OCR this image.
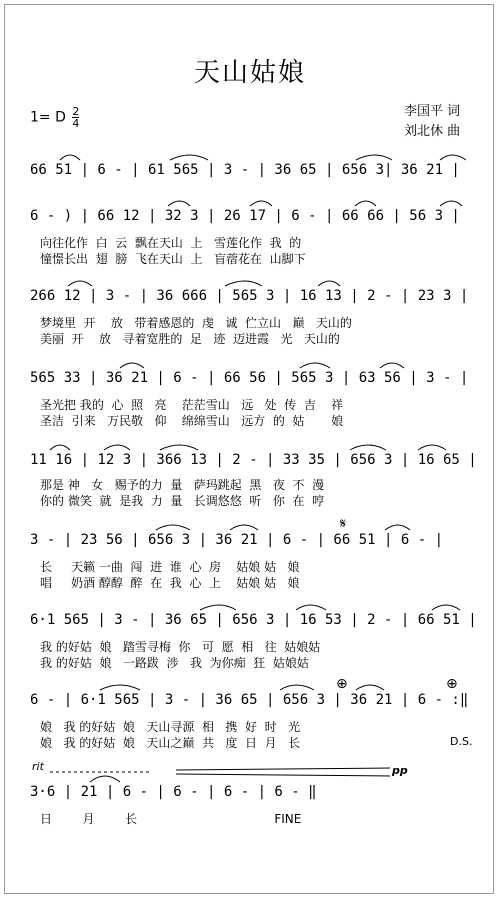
天山姑娘
1= D $\frac{2}{4}$	李国平 词
刘北休 曲
66 51 | 6 - | 61 565 | 3 - | 36 65 | 656 3| 36 21 |
6 - ) | 66 12 | 32 3 | 26 17 | 6 - | 66 66 | 56 3 |
向往化作  白  云  飘在天山  上   雪莲化作  我  的
憧憬长出  翅  膀  飞在天山  上   盲蓿花在  山脚下
266 12 | 3 - | 36 666 | 565 3 | 16 13 | 2 - | 23 3 |
梦境里  开    放   带着感恩的  虔   诚  伫立山   巅   天山的
美丽  开    放   寻着宽胜的  足   迹  迈进霞   光   天山的
565 33 | 36 21 | 6 - | 66 56 | 565 3 | 63 56 | 3 - |
圣光把 我的  心  照   亮    茫茫雪山   远   处  传  吉    祥
圣洁  引来   万民敬   仰    绵绵雪山   远方  的  姑       娘
11 16 | 12 3 | 366 13 | 2 - | 33 35 | 656 3 | 16 65 |
那是 神   女   赐予的力  量   萨玛跳起  黑   夜  不  漫
你的 微笑  就  是我  力  量   长调悠悠  听   你  在  哼
𝄋
3 - | 23 56 | 656 3 | 36 21 | 6 - | 66 51 | 6 - |
长     天籁 一曲  闯  进  谁  心  房    姑娘 姑   娘
唱     奶酒 醇醇  醉  在  我  心  上    姑娘 姑   娘
6·1 565 | 3 - | 36 65 | 656 3 | 16 53 | 2 - | 66 51 |
我 的好姑  娘   踏雪寻梅  你   可  愿  相   往  姑娘姑
我 的好姑  娘   一路跋  涉   我  为你痴  狂  姑娘姑
⊕	⊕
6 - | 6·1 565 | 3 - | 36 65 | 656 3 | 36 21 | 6 - :‖
娘   我 的好姑  娘   天山寻源  相   携  好  时   光
娘   我 的好姑  娘   天山之巅  共   度  日  月   长	D.S.
rit	pp
3·6 | 21 | 6 - | 6 - | 6 - | 6 - ‖
日        月        长                                    FINE
